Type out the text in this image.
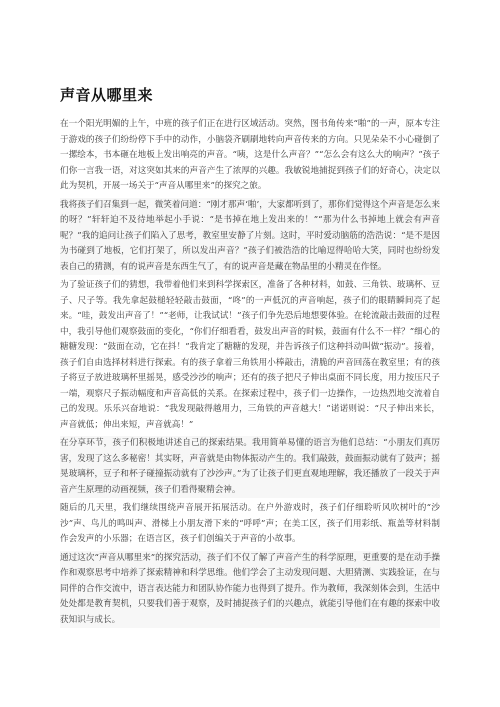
声音从哪里来

在一个阳光明媚的上午，中班的孩子们正在进行区域活动。突然，图书角传来“啪”的一声，原本专注于游戏的孩子们纷纷停下手中的动作，小脑袋齐刷刷地转向声音传来的方向。只见朵朵不小心碰倒了一摞绘本，书本砸在地板上发出响亮的声音。“咦，这是什么声音？”“怎么会有这么大的响声？”孩子们你一言我一语，对这突如其来的声音产生了浓厚的兴趣。我敏锐地捕捉到孩子们的好奇心，决定以此为契机，开展一场关于“声音从哪里来”的探究之旅。

我将孩子们召集到一起，微笑着问道：“刚才那声‘啪’，大家都听到了，那你们觉得这个声音是怎么来的呀？”轩轩迫不及待地举起小手说：“是书掉在地上发出来的！”“那为什么书掉地上就会有声音呢？”我的追问让孩子们陷入了思考，教室里安静了片刻。这时，平时爱动脑筋的浩浩说：“是不是因为书碰到了地板，它们打架了，所以发出声音？”孩子们被浩浩的比喻逗得哈哈大笑，同时也纷纷发表自己的猜测，有的说声音是东西生气了，有的说声音是藏在物品里的小精灵在作怪。

为了验证孩子们的猜想，我带着他们来到科学探索区，准备了各种材料，如鼓、三角铁、玻璃杯、豆子、尺子等。我先拿起鼓槌轻轻敲击鼓面，“咚”的一声低沉的声音响起，孩子们的眼睛瞬间亮了起来。“哇，鼓发出声音了！”“老师，让我试试！”孩子们争先恐后地想要体验。在轮流敲击鼓面的过程中，我引导他们观察鼓面的变化，“你们仔细看看，鼓发出声音的时候，鼓面有什么不一样？”细心的糖糖发现：“鼓面在动，它在抖！”我肯定了糖糖的发现，并告诉孩子们这种抖动叫做“振动”。接着，孩子们自由选择材料进行探索。有的孩子拿着三角铁用小棒敲击，清脆的声音回荡在教室里；有的孩子将豆子放进玻璃杯里摇晃，感受沙沙的响声；还有的孩子把尺子伸出桌面不同长度，用力按压尺子一端，观察尺子振动幅度和声音高低的关系。在探索过程中，孩子们一边操作，一边热烈地交流着自己的发现。乐乐兴奋地说：“我发现敲得越用力，三角铁的声音越大！”诺诺则说：“尺子伸出来长，声音就低；伸出来短，声音就高！”

在分享环节，孩子们积极地讲述自己的探索结果。我用简单易懂的语言为他们总结：“小朋友们真厉害，发现了这么多秘密！其实呀，声音就是由物体振动产生的。我们敲鼓，鼓面振动就有了鼓声；摇晃玻璃杯，豆子和杯子碰撞振动就有了沙沙声。”为了让孩子们更直观地理解，我还播放了一段关于声音产生原理的动画视频，孩子们看得聚精会神。

随后的几天里，我们继续围绕声音展开拓展活动。在户外游戏时，孩子们仔细聆听风吹树叶的“沙沙”声、鸟儿的鸣叫声、滑梯上小朋友滑下来的“呼呼”声；在美工区，孩子们用彩纸、瓶盖等材料制作会发声的小乐器；在语言区，孩子们创编关于声音的小故事。

通过这次“声音从哪里来”的探究活动，孩子们不仅了解了声音产生的科学原理，更重要的是在动手操作和观察思考中培养了探索精神和科学思维。他们学会了主动发现问题、大胆猜测、实践验证，在与同伴的合作交流中，语言表达能力和团队协作能力也得到了提升。作为教师，我深刻体会到，生活中处处都是教育契机，只要我们善于观察，及时捕捉孩子们的兴趣点，就能引导他们在有趣的探索中收获知识与成长。
